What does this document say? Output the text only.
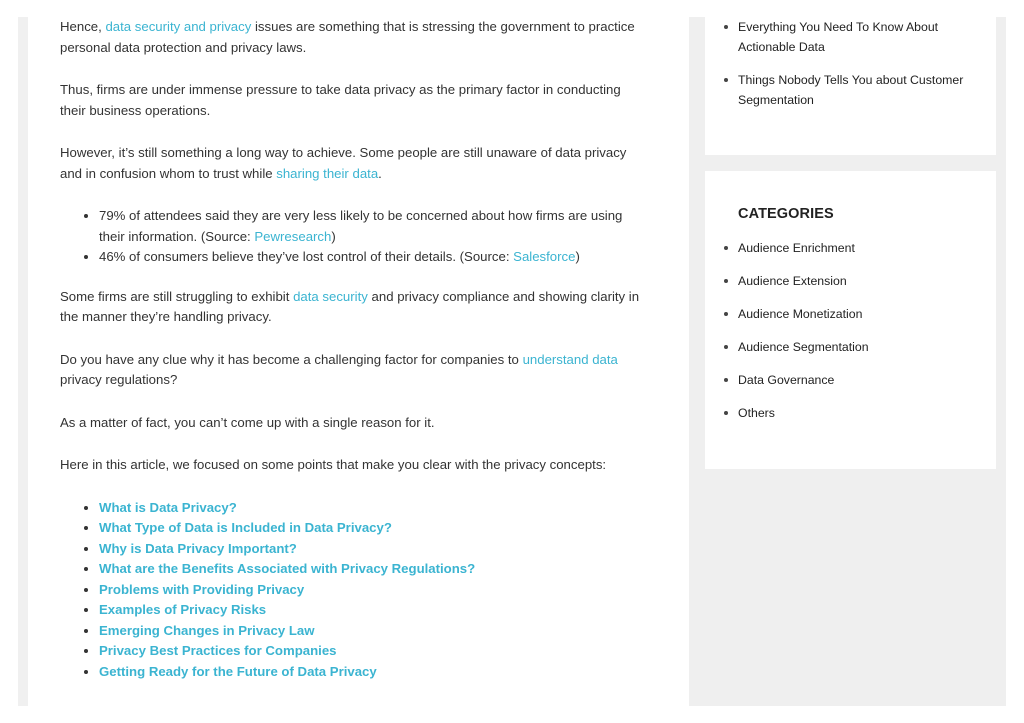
Hence, data security and privacy issues are something that is stressing the government to practice personal data protection and privacy laws.

Thus, firms are under immense pressure to take data privacy as the primary factor in conducting their business operations.

However, it’s still something a long way to achieve. Some people are still unaware of data privacy and in confusion whom to trust while sharing their data.

• 79% of attendees said they are very less likely to be concerned about how firms are using their information. (Source: Pewresearch)
• 46% of consumers believe they’ve lost control of their details. (Source: Salesforce)

Some firms are still struggling to exhibit data security and privacy compliance and showing clarity in the manner they’re handling privacy.

Do you have any clue why it has become a challenging factor for companies to understand data privacy regulations?

As a matter of fact, you can’t come up with a single reason for it.

Here in this article, we focused on some points that make you clear with the privacy concepts:

• What is Data Privacy?
• What Type of Data is Included in Data Privacy?
• Why is Data Privacy Important?
• What are the Benefits Associated with Privacy Regulations?
• Problems with Providing Privacy
• Examples of Privacy Risks
• Emerging Changes in Privacy Law
• Privacy Best Practices for Companies
• Getting Ready for the Future of Data Privacy
Everything You Need To Know About Actionable Data
Things Nobody Tells You about Customer Segmentation
CATEGORIES
Audience Enrichment
Audience Extension
Audience Monetization
Audience Segmentation
Data Governance
Others
